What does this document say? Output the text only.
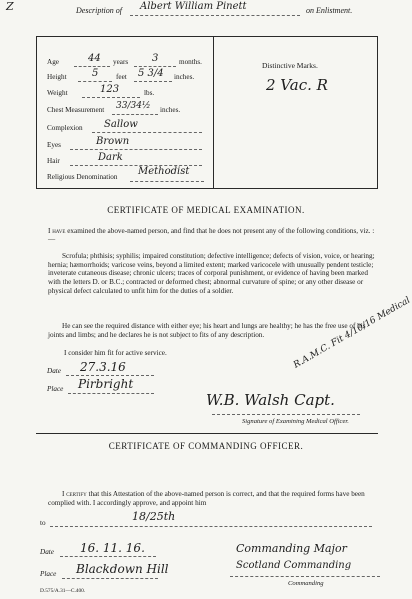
Z	Description of Albert William Pinett	on Enlistment.
Age	44 years 3	months.
Height	5 feet 5 3/4 inches.
Weight	123	lbs.
Chest Measurement 33/34½ inches.
Complexion Sallow
Eyes	Brown
Hair	Dark
Religious Denomination Methodist
Distinctive Marks.
2 Vac. R
CERTIFICATE OF MEDICAL EXAMINATION.
I have examined the above-named person, and find that he does not present any of the following conditions, viz. :—
Scrofula; phthisis; syphilis; impaired constitution; defective intelligence; defects of vision, voice, or hearing; hernia; hæmorrhoids; varicose veins, beyond a limited extent; marked varicocele with unusually pendent testicle; inveterate cutaneous disease; chronic ulcers; traces of corporal punishment, or evidence of having been marked with the letters D. or B.C.; contracted or deformed chest; abnormal curvature of spine; or any other disease or physical defect calculated to unfit him for the duties of a soldier.
He can see the required distance with either eye; his heart and lungs are healthy; he has the free use of his joints and limbs; and he declares he is not subject to fits of any description.
I consider him fit for active service.
Date 27.3.16
Place Pirbright
R.A.M.C. Fit 4/10/16 Medical
W.B. Walsh Capt.
Signature of Examining Medical Officer.
CERTIFICATE OF COMMANDING OFFICER.
I certify that this Attestation of the above-named person is correct, and that the required forms have been complied with. I accordingly approve, and appoint him
to	18/25th
Date 16. 11. 16.
Place Blackdown Hill
Commanding Major
Scotland Commanding
Commanding
D.575/A.31—C.400.
